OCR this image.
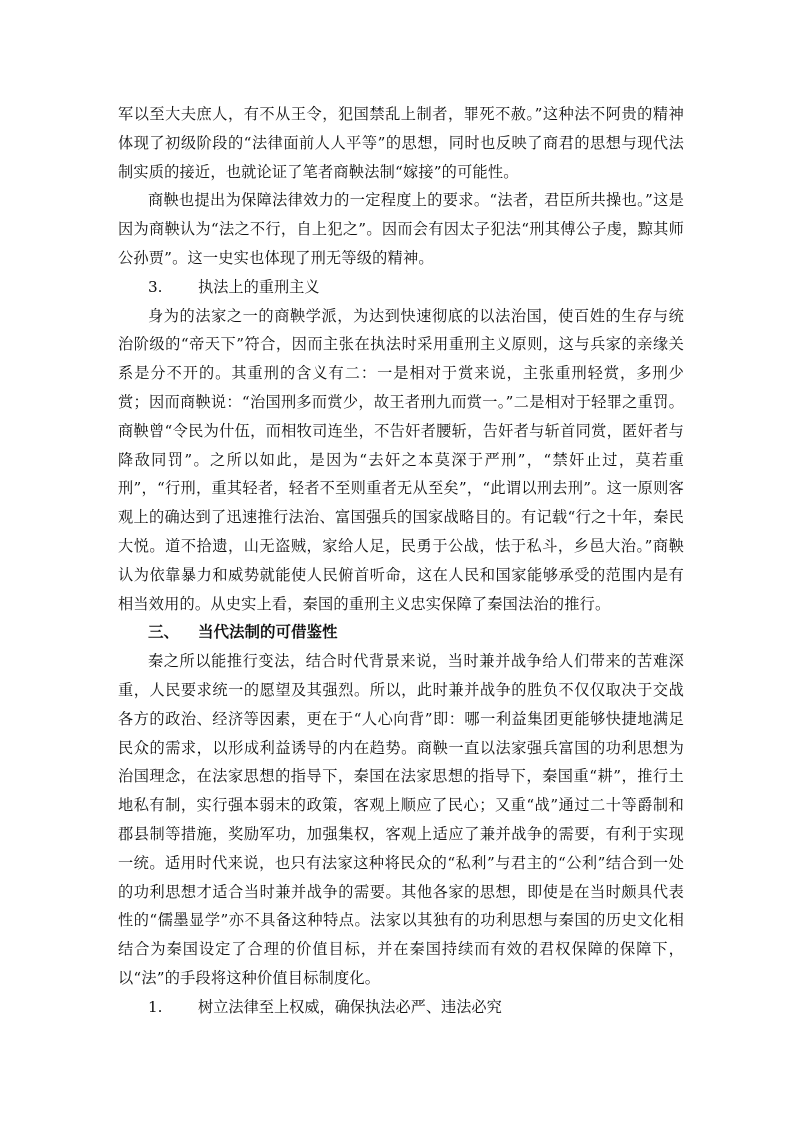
军以至大夫庶人，有不从王令，犯国禁乱上制者，罪死不赦。”这种法不阿贵的精神体现了初级阶段的“法律面前人人平等”的思想，同时也反映了商君的思想与现代法制实质的接近，也就论证了笔者商鞅法制“嫁接”的可能性。

商鞅也提出为保障法律效力的一定程度上的要求。“法者，君臣所共操也。”这是因为商鞅认为“法之不行，自上犯之”。因而会有因太子犯法“刑其傅公子虔，黥其师公孙贾”。这一史实也体现了刑无等级的精神。

3. 执法上的重刑主义

身为的法家之一的商鞅学派，为达到快速彻底的以法治国，使百姓的生存与统治阶级的“帝天下”符合，因而主张在执法时采用重刑主义原则，这与兵家的亲缘关系是分不开的。其重刑的含义有二：一是相对于赏来说，主张重刑轻赏，多刑少赏；因而商鞅说：“治国刑多而赏少，故王者刑九而赏一。”二是相对于轻罪之重罚。商鞅曾“令民为什伍，而相牧司连坐，不告奸者腰斩，告奸者与斩首同赏，匿奸者与降敌同罚”。之所以如此，是因为“去奸之本莫深于严刑”，“禁奸止过，莫若重刑”，“行刑，重其轻者，轻者不至则重者无从至矣”，“此谓以刑去刑”。这一原则客观上的确达到了迅速推行法治、富国强兵的国家战略目的。有记载“行之十年，秦民大悦。道不拾遗，山无盗贼，家给人足，民勇于公战，怯于私斗，乡邑大治。”商鞅认为依靠暴力和威势就能使人民俯首听命，这在人民和国家能够承受的范围内是有相当效用的。从史实上看，秦国的重刑主义忠实保障了秦国法治的推行。

三、 当代法制的可借鉴性

秦之所以能推行变法，结合时代背景来说，当时兼并战争给人们带来的苦难深重，人民要求统一的愿望及其强烈。所以，此时兼并战争的胜负不仅仅取决于交战各方的政治、经济等因素，更在于“人心向背”即：哪一利益集团更能够快捷地满足民众的需求，以形成利益诱导的内在趋势。商鞅一直以法家强兵富国的功利思想为治国理念，在法家思想的指导下，秦国在法家思想的指导下，秦国重“耕”，推行土地私有制，实行强本弱末的政策，客观上顺应了民心；又重“战”通过二十等爵制和郡县制等措施，奖励军功，加强集权，客观上适应了兼并战争的需要，有利于实现一统。适用时代来说，也只有法家这种将民众的“私利”与君主的“公利”结合到一处的功利思想才适合当时兼并战争的需要。其他各家的思想，即使是在当时颇具代表性的“儒墨显学”亦不具备这种特点。法家以其独有的功利思想与秦国的历史文化相结合为秦国设定了合理的价值目标，并在秦国持续而有效的君权保障的保障下，以“法”的手段将这种价值目标制度化。

1. 树立法律至上权威，确保执法必严、违法必究
